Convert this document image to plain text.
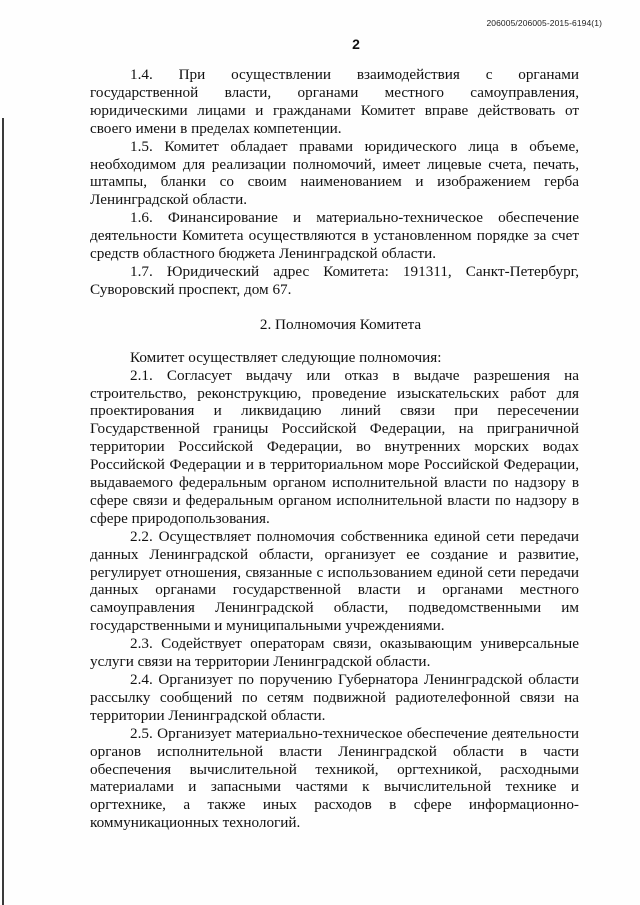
206005/206005-2015-6194(1)
2

1.4. При осуществлении взаимодействия с органами государственной власти, органами местного самоуправления, юридическими лицами и гражданами Комитет вправе действовать от своего имени в пределах компетенции.

1.5. Комитет обладает правами юридического лица в объеме, необходимом для реализации полномочий, имеет лицевые счета, печать, штампы, бланки со своим наименованием и изображением герба Ленинградской области.

1.6. Финансирование и материально-техническое обеспечение деятельности Комитета осуществляются в установленном порядке за счет средств областного бюджета Ленинградской области.

1.7. Юридический адрес Комитета: 191311, Санкт-Петербург, Суворовский проспект, дом 67.

2. Полномочия Комитета

Комитет осуществляет следующие полномочия:

2.1. Согласует выдачу или отказ в выдаче разрешения на строительство, реконструкцию, проведение изыскательских работ для проектирования и ликвидацию линий связи при пересечении Государственной границы Российской Федерации, на приграничной территории Российской Федерации, во внутренних морских водах Российской Федерации и в территориальном море Российской Федерации, выдаваемого федеральным органом исполнительной власти по надзору в сфере связи и федеральным органом исполнительной власти по надзору в сфере природопользования.

2.2. Осуществляет полномочия собственника единой сети передачи данных Ленинградской области, организует ее создание и развитие, регулирует отношения, связанные с использованием единой сети передачи данных органами государственной власти и органами местного самоуправления Ленинградской области, подведомственными им государственными и муниципальными учреждениями.

2.3. Содействует операторам связи, оказывающим универсальные услуги связи на территории Ленинградской области.

2.4. Организует по поручению Губернатора Ленинградской области рассылку сообщений по сетям подвижной радиотелефонной связи на территории Ленинградской области.

2.5. Организует материально-техническое обеспечение деятельности органов исполнительной власти Ленинградской области в части обеспечения вычислительной техникой, оргтехникой, расходными материалами и запасными частями к вычислительной технике и оргтехнике, а также иных расходов в сфере информационно-коммуникационных технологий.
